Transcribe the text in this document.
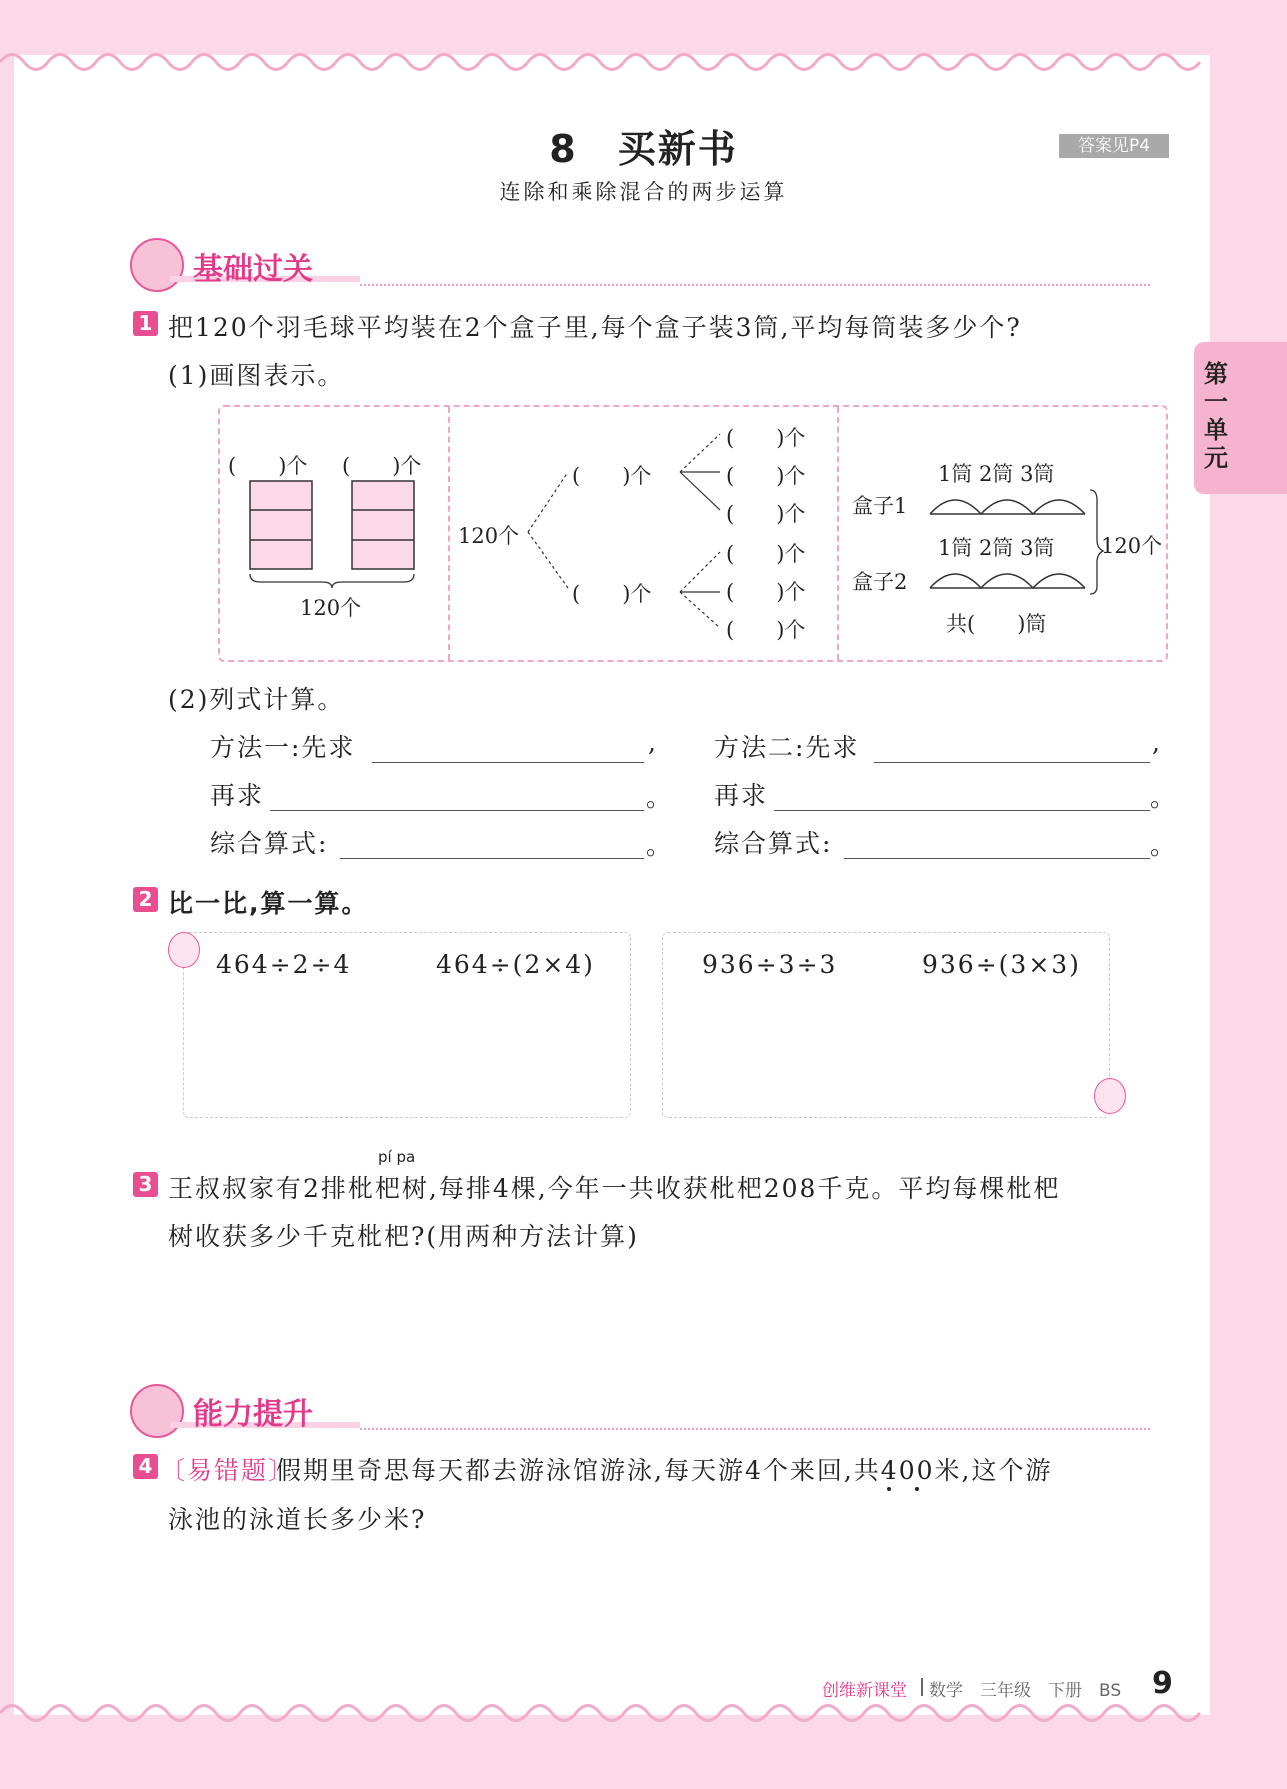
8　买新书
连除和乘除混合的两步运算
答案见P4
第一单元
基础过关
1 把120个羽毛球平均装在2个盒子里,每个盒子装3筒,平均每筒装多少个?
(1)画图表示。
(　　)个 (　　)个
120个
120个
(　　)个
(　　)个
(　　)个
(　　)个
(　　)个
(　　)个
(　　)个
(　　)个
1筒 2筒 3筒
1筒 2筒 3筒
盒子1
盒子2
120个
共(　　)筒
(2)列式计算。
方法一:先求	,
再求	。
综合算式:	。
方法二:先求	,
再求	。
综合算式:	。
2 比一比,算一算。
464÷2÷4	464÷(2×4)	936÷3÷3	936÷(3×3)
pí pa
3 王叔叔家有2排枇杷树,每排4棵,今年一共收获枇杷208千克。平均每棵枇杷
树收获多少千克枇杷?(用两种方法计算)
能力提升
4 〔易错题〕
假期里奇思每天都去游泳馆游泳,每天游4个来回,共400米,这个游
泳池的泳道长多少米?
创维新课堂 数学　三年级　下册　BS 9
